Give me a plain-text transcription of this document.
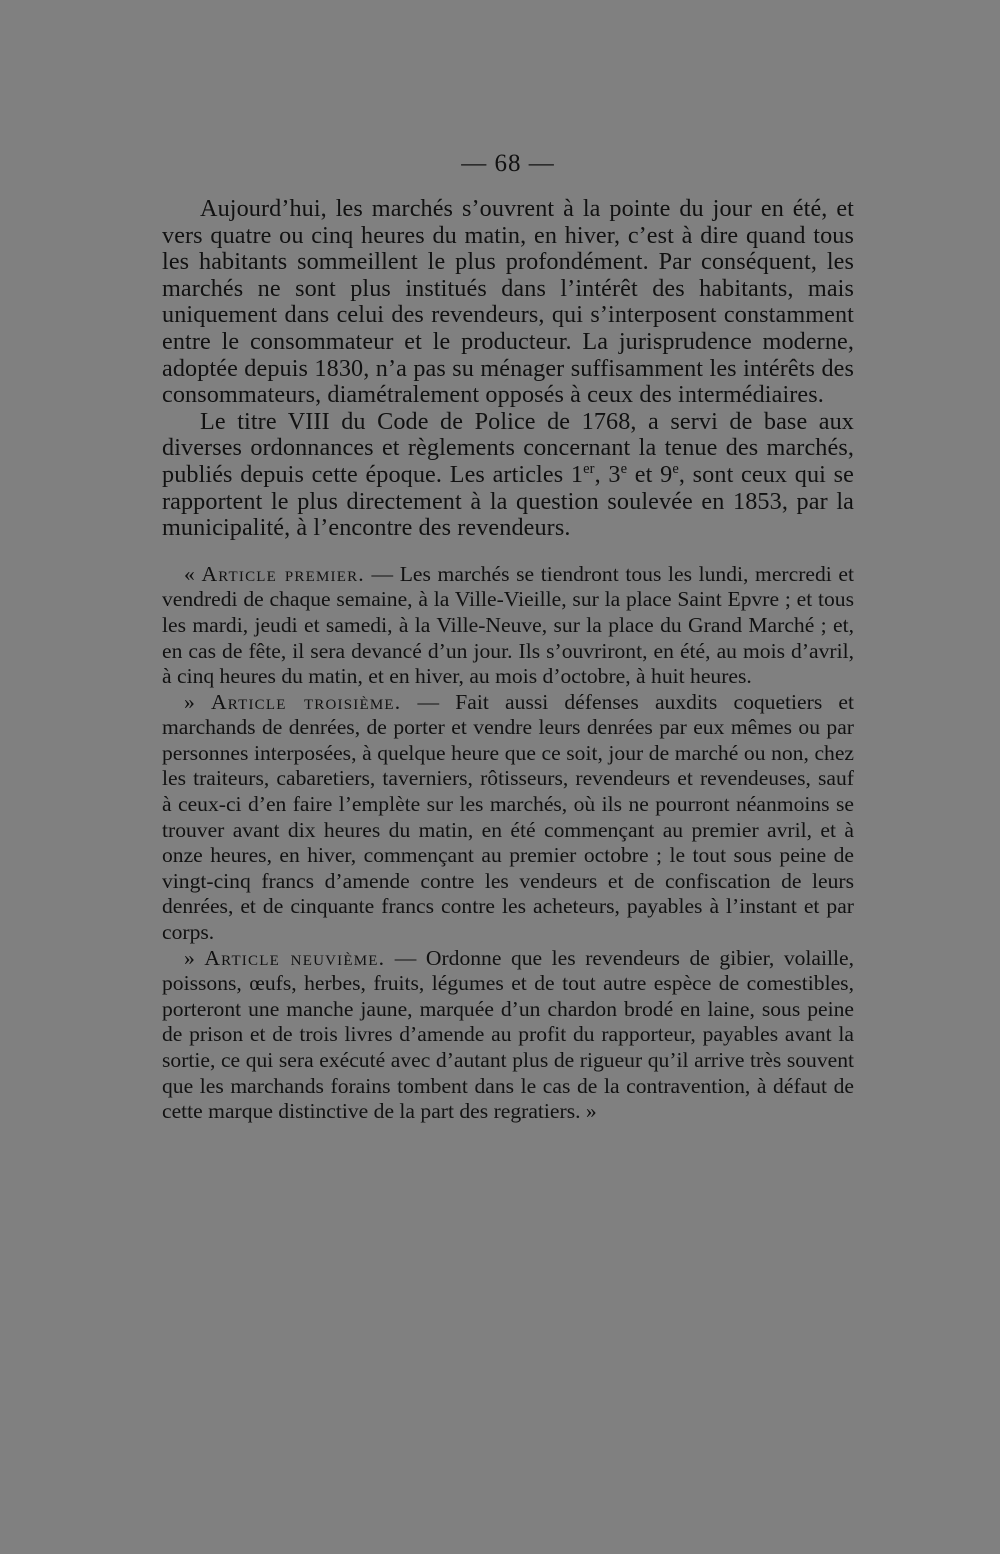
— 68 —

Aujourd’hui, les marchés s’ouvrent à la pointe du jour en été, et vers quatre ou cinq heures du matin, en hiver, c’est à dire quand tous les habitants sommeillent le plus profondément. Par conséquent, les marchés ne sont plus institués dans l’intérêt des habitants, mais uniquement dans celui des revendeurs, qui s’interposent constamment entre le consommateur et le producteur. La jurisprudence moderne, adoptée depuis 1830, n’a pas su ménager suffisamment les intérêts des consommateurs, diamétralement opposés à ceux des intermédiaires.

Le titre VIII du Code de Police de 1768, a servi de base aux diverses ordonnances et règlements concernant la tenue des marchés, publiés depuis cette époque. Les articles 1er, 3e et 9e, sont ceux qui se rapportent le plus directement à la question soulevée en 1853, par la municipalité, à l’encontre des revendeurs.

« Article premier. — Les marchés se tiendront tous les lundi, mercredi et vendredi de chaque semaine, à la Ville-Vieille, sur la place Saint Epvre ; et tous les mardi, jeudi et samedi, à la Ville-Neuve, sur la place du Grand Marché ; et, en cas de fête, il sera devancé d’un jour. Ils s’ouvriront, en été, au mois d’avril, à cinq heures du matin, et en hiver, au mois d’octobre, à huit heures.

» Article troisième. — Fait aussi défenses auxdits coquetiers et marchands de denrées, de porter et vendre leurs denrées par eux mêmes ou par personnes interposées, à quelque heure que ce soit, jour de marché ou non, chez les traiteurs, cabaretiers, taverniers, rôtisseurs, revendeurs et revendeuses, sauf à ceux-ci d’en faire l’emplète sur les marchés, où ils ne pourront néanmoins se trouver avant dix heures du matin, en été commençant au premier avril, et à onze heures, en hiver, commençant au premier octobre ; le tout sous peine de vingt-cinq francs d’amende contre les vendeurs et de confiscation de leurs denrées, et de cinquante francs contre les acheteurs, payables à l’instant et par corps.

» Article neuvième. — Ordonne que les revendeurs de gibier, volaille, poissons, œufs, herbes, fruits, légumes et de tout autre espèce de comestibles, porteront une manche jaune, marquée d’un chardon brodé en laine, sous peine de prison et de trois livres d’amende au profit du rapporteur, payables avant la sortie, ce qui sera exécuté avec d’autant plus de rigueur qu’il arrive très souvent que les marchands forains tombent dans le cas de la contravention, à défaut de cette marque distinctive de la part des regratiers. »
